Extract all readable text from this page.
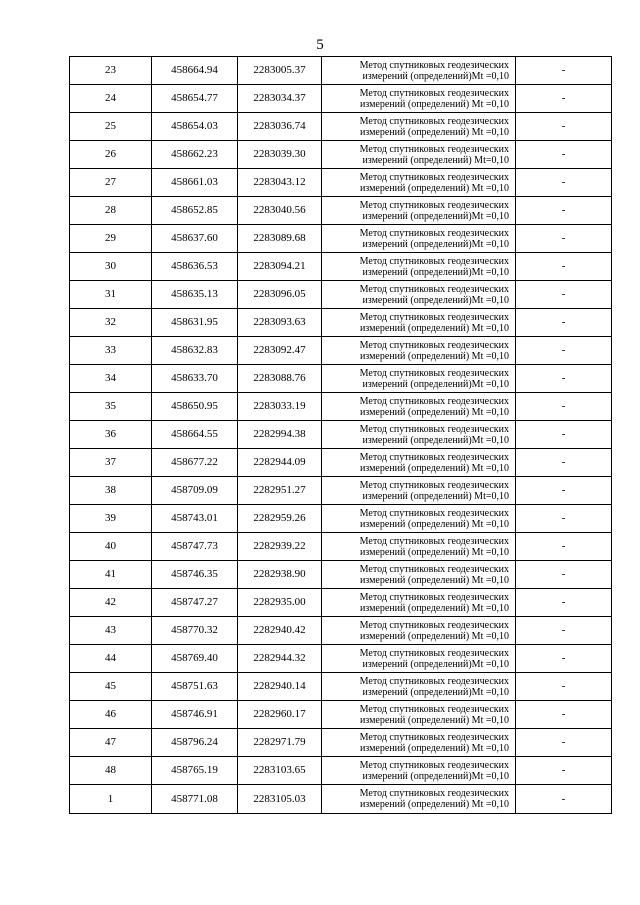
5
23	458664.94	2283005.37	Метод спутниковых геодезических
измерений (определений)Mt =0,10	-
24	458654.77	2283034.37	Метод спутниковых геодезических
измерений (определений) Mt =0,10	-
25	458654.03	2283036.74	Метод спутниковых геодезических
измерений (определений) Mt =0,10	-
26	458662.23	2283039.30	Метод спутниковых геодезических
измерений (определений) Mt=0,10	-
27	458661.03	2283043.12	Метод спутниковых геодезических
измерений (определений) Mt =0,10	-
28	458652.85	2283040.56	Метод спутниковых геодезических
измерений (определений)Mt =0,10	-
29	458637.60	2283089.68	Метод спутниковых геодезических
измерений (определений)Mt =0,10	-
30	458636.53	2283094.21	Метод спутниковых геодезических
измерений (определений)Mt =0,10	-
31	458635.13	2283096.05	Метод спутниковых геодезических
измерений (определений)Mt =0,10	-
32	458631.95	2283093.63	Метод спутниковых геодезических
измерений (определений) Mt =0,10	-
33	458632.83	2283092.47	Метод спутниковых геодезических
измерений (определений) Mt =0,10	-
34	458633.70	2283088.76	Метод спутниковых геодезических
измерений (определений)Mt =0,10	-
35	458650.95	2283033.19	Метод спутниковых геодезических
измерений (определений) Mt =0,10	-
36	458664.55	2282994.38	Метод спутниковых геодезических
измерений (определений)Mt =0,10	-
37	458677.22	2282944.09	Метод спутниковых геодезических
измерений (определений) Mt =0,10	-
38	458709.09	2282951.27	Метод спутниковых геодезических
измерений (определений) Mt=0,10	-
39	458743.01	2282959.26	Метод спутниковых геодезических
измерений (определений) Mt =0,10	-
40	458747.73	2282939.22	Метод спутниковых геодезических
измерений (определений) Mt =0,10	-
41	458746.35	2282938.90	Метод спутниковых геодезических
измерений (определений) Mt =0,10	-
42	458747.27	2282935.00	Метод спутниковых геодезических
измерений (определений) Mt =0,10	-
43	458770.32	2282940.42	Метод спутниковых геодезических
измерений (определений) Mt =0,10	-
44	458769.40	2282944.32	Метод спутниковых геодезических
измерений (определений)Mt =0,10	-
45	458751.63	2282940.14	Метод спутниковых геодезических
измерений (определений)Mt =0,10	-
46	458746.91	2282960.17	Метод спутниковых геодезических
измерений (определений) Mt =0,10	-
47	458796.24	2282971.79	Метод спутниковых геодезических
измерений (определений) Mt =0,10	-
48	458765.19	2283103.65	Метод спутниковых геодезических
измерений (определений)Mt =0,10	-
1	458771.08	2283105.03	Метод спутниковых геодезических
измерений (определений) Mt =0,10	-
